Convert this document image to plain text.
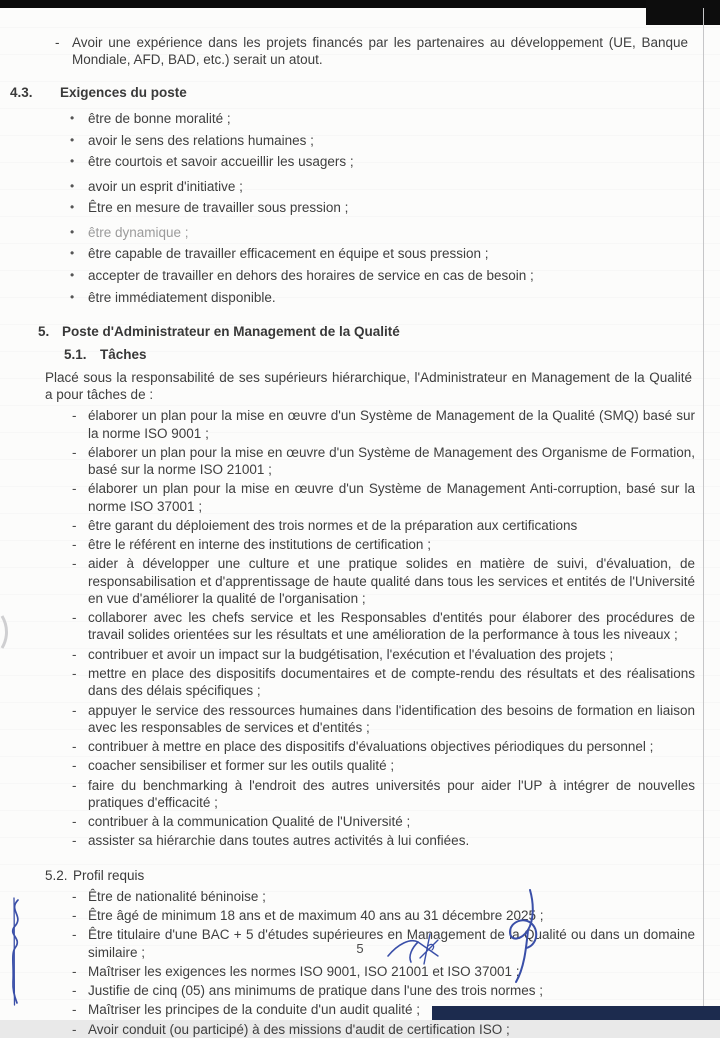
- Avoir une expérience dans les projets financés par les partenaires au développement (UE, Banque Mondiale, AFD, BAD, etc.) serait un atout.
4.3.	Exigences du poste
•	être de bonne moralité ;
•	avoir le sens des relations humaines ;
•	être courtois et savoir accueillir les usagers ;
•	avoir un esprit d'initiative ;
•	Être en mesure de travailler sous pression ;
•	être dynamique ;
•	être capable de travailler efficacement en équipe et sous pression ;
•	accepter de travailler en dehors des horaires de service en cas de besoin ;
•	être immédiatement disponible.
5. Poste d'Administrateur en Management de la Qualité
5.1. Tâches

Placé sous la responsabilité de ses supérieurs hiérarchique, l'Administrateur en Management de la Qualité a pour tâches de :

- élaborer un plan pour la mise en œuvre d'un Système de Management de la Qualité (SMQ) basé sur la norme ISO 9001 ;
- élaborer un plan pour la mise en œuvre d'un Système de Management des Organisme de Formation, basé sur la norme ISO 21001 ;
- élaborer un plan pour la mise en œuvre d'un Système de Management Anti-corruption, basé sur la norme ISO 37001 ;
- être garant du déploiement des trois normes et de la préparation aux certifications
- être le référent en interne des institutions de certification ;
- aider à développer une culture et une pratique solides en matière de suivi, d'évaluation, de responsabilisation et d'apprentissage de haute qualité dans tous les services et entités de l'Université en vue d'améliorer la qualité de l'organisation ;
- collaborer avec les chefs service et les Responsables d'entités pour élaborer des procédures de travail solides orientées sur les résultats et une amélioration de la performance à tous les niveaux ;
- contribuer et avoir un impact sur la budgétisation, l'exécution et l'évaluation des projets ;
- mettre en place des dispositifs documentaires et de compte-rendu des résultats et des réalisations dans des délais spécifiques ;
- appuyer le service des ressources humaines dans l'identification des besoins de formation en liaison avec les responsables de services et d'entités ;
- contribuer à mettre en place des dispositifs d'évaluations objectives périodiques du personnel ;
- coacher sensibiliser et former sur les outils qualité ;
- faire du benchmarking à l'endroit des autres universités pour aider l'UP à intégrer de nouvelles pratiques d'efficacité ;
- contribuer à la communication Qualité de l'Université ;
- assister sa hiérarchie dans toutes autres activités à lui confiées.
5.2. Profil requis
- Être de nationalité béninoise ;
- Être âgé de minimum 18 ans et de maximum 40 ans au 31 décembre 2025 ;
- Être titulaire d'une BAC + 5 d'études supérieures en Management de la Qualité ou dans un domaine similaire ;
- Maîtriser les exigences les normes ISO 9001, ISO 21001 et ISO 37001 ;
- Justifie de cinq (05) ans minimums de pratique dans l'une des trois normes ;
- Maîtriser les principes de la conduite d'un audit qualité ;
- Avoir conduit (ou participé) à des missions d'audit de certification ISO ;
5
